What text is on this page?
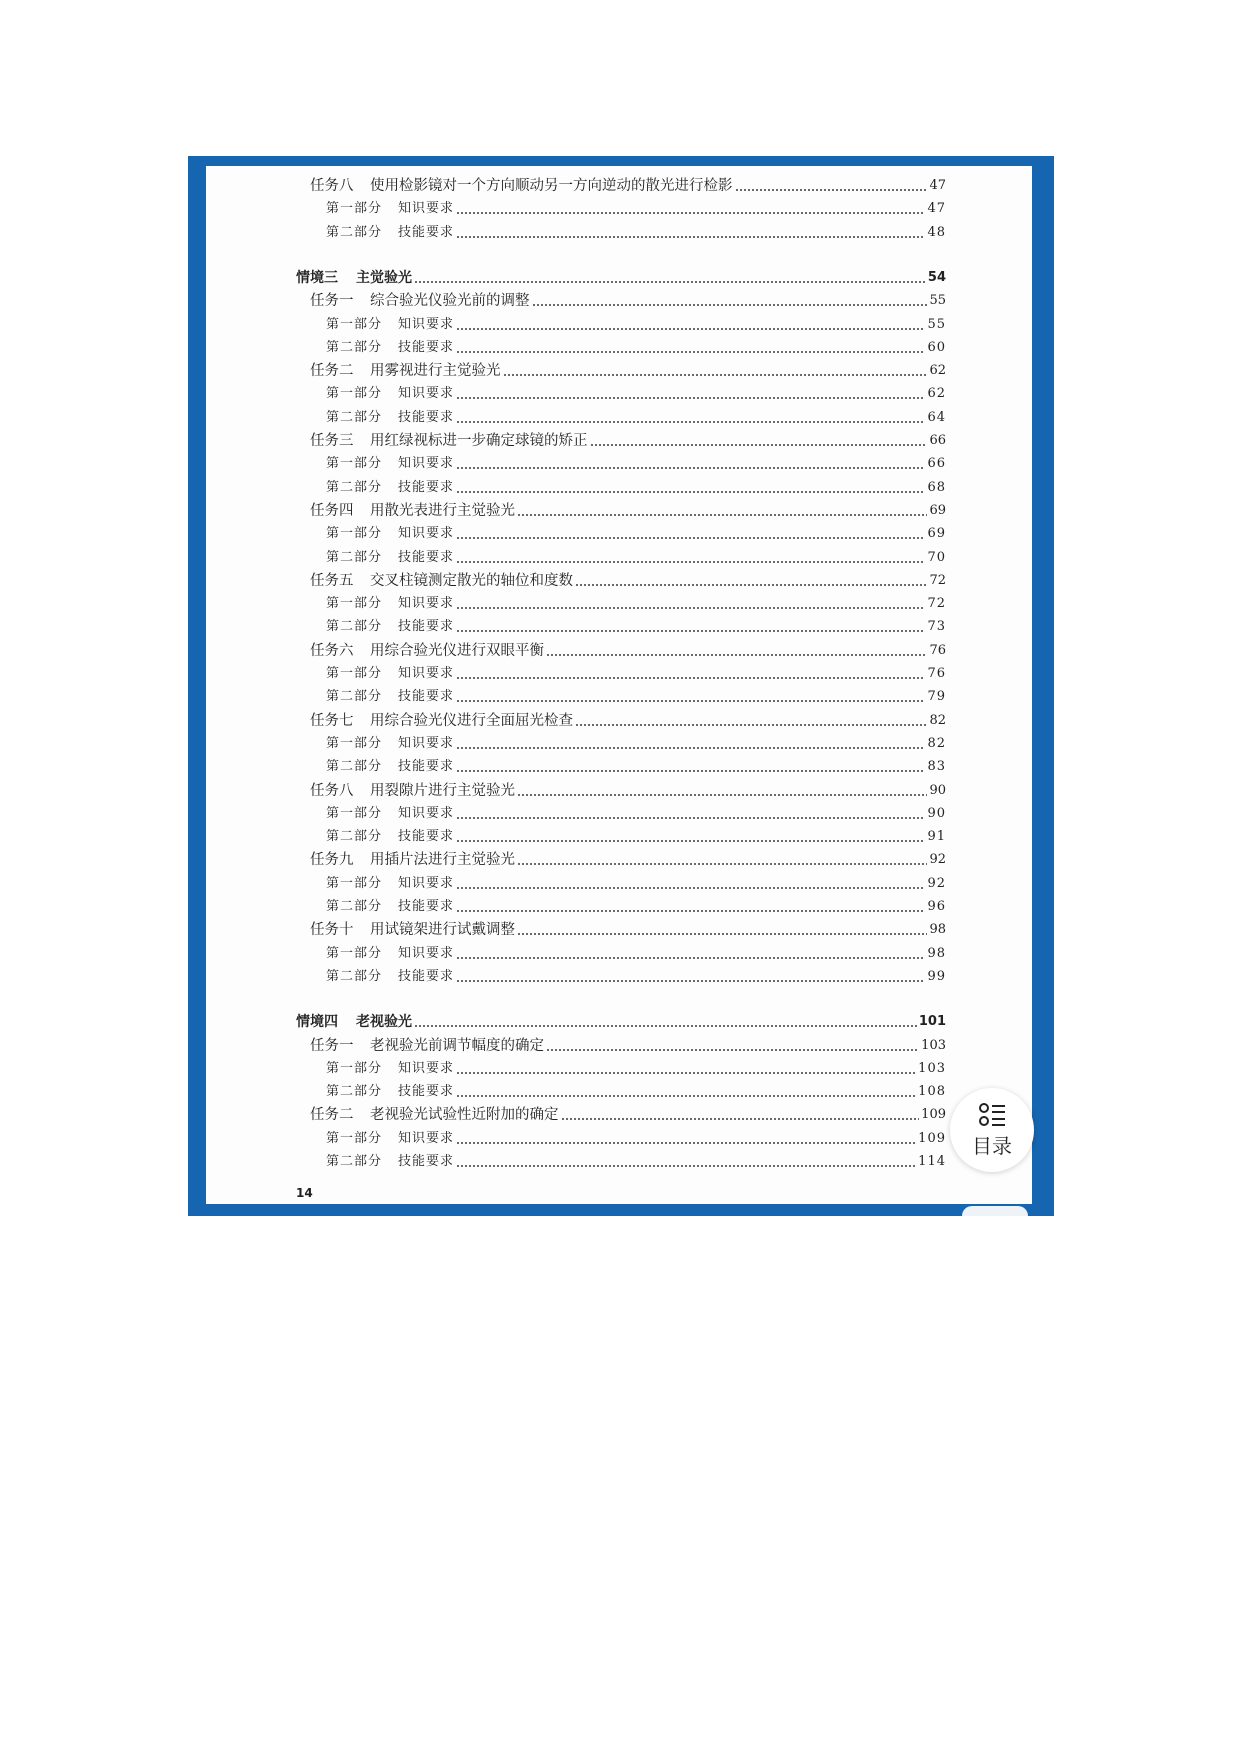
任务八 使用检影镜对一个方向顺动另一方向逆动的散光进行检影	47
第一部分 知识要求	47
第二部分 技能要求	48
情境三 主觉验光	54
任务一 综合验光仪验光前的调整	55
第一部分 知识要求	55
第二部分 技能要求	60
任务二 用雾视进行主觉验光	62
第一部分 知识要求	62
第二部分 技能要求	64
任务三 用红绿视标进一步确定球镜的矫正	66
第一部分 知识要求	66
第二部分 技能要求	68
任务四 用散光表进行主觉验光	69
第一部分 知识要求	69
第二部分 技能要求	70
任务五 交叉柱镜测定散光的轴位和度数	72
第一部分 知识要求	72
第二部分 技能要求	73
任务六 用综合验光仪进行双眼平衡	76
第一部分 知识要求	76
第二部分 技能要求	79
任务七 用综合验光仪进行全面屈光检查	82
第一部分 知识要求	82
第二部分 技能要求	83
任务八 用裂隙片进行主觉验光	90
第一部分 知识要求	90
第二部分 技能要求	91
任务九 用插片法进行主觉验光	92
第一部分 知识要求	92
第二部分 技能要求	96
任务十 用试镜架进行试戴调整	98
第一部分 知识要求	98
第二部分 技能要求	99
情境四 老视验光	101
任务一 老视验光前调节幅度的确定	103
第一部分 知识要求	103
第二部分 技能要求	108
任务二 老视验光试验性近附加的确定	109
第一部分 知识要求	109
第二部分 技能要求	114
14
目录
